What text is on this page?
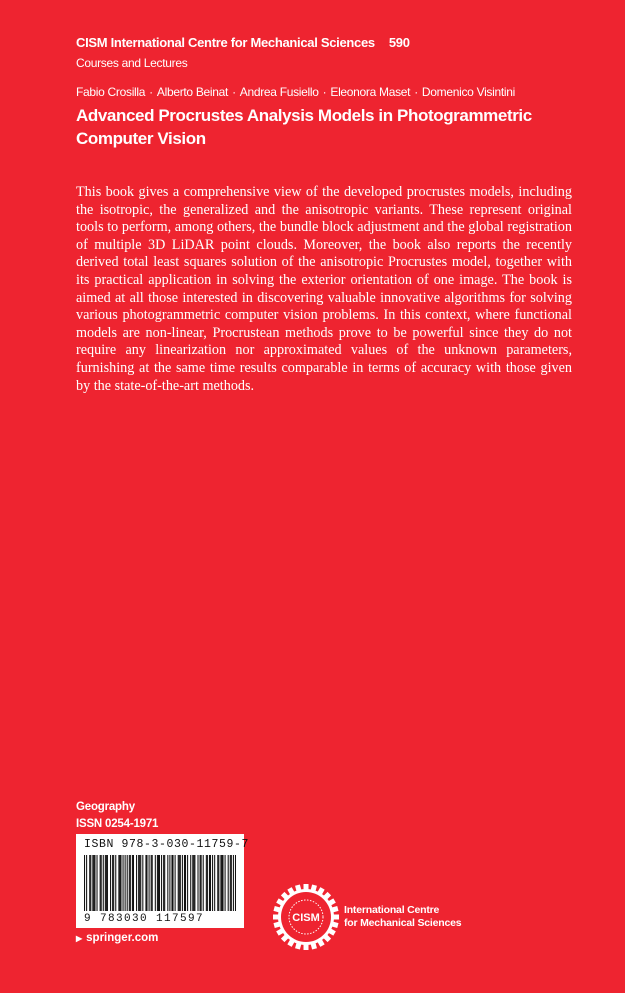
CISM International Centre for Mechanical Sciences 590
Courses and Lectures
Fabio Crosilla · Alberto Beinat · Andrea Fusiello · Eleonora Maset · Domenico Visintini
Advanced Procrustes Analysis Models in Photogrammetric Computer Vision

This book gives a comprehensive view of the developed procrustes models, including the isotropic, the generalized and the anisotropic variants. These represent original tools to perform, among others, the bundle block adjustment and the global registration of multiple 3D LiDAR point clouds. Moreover, the book also reports the recently derived total least squares solution of the anisotropic Procrustes model, together with its practical application in solving the exterior orientation of one image. The book is aimed at all those interested in discovering valuable innovative algorithms for solving various photogrammetric computer vision problems. In this context, where functional models are non-linear, Procrustean methods prove to be powerful since they do not require any linearization nor approximated values of the unknown parameters, furnishing at the same time results comparable in terms of accuracy with those given by the state-of-the-art methods.

Geography
ISSN 0254-1971
ISBN 978-3-030-11759-7
9 783030 117597
▶ springer.com
CISM
International Centre
for Mechanical Sciences
